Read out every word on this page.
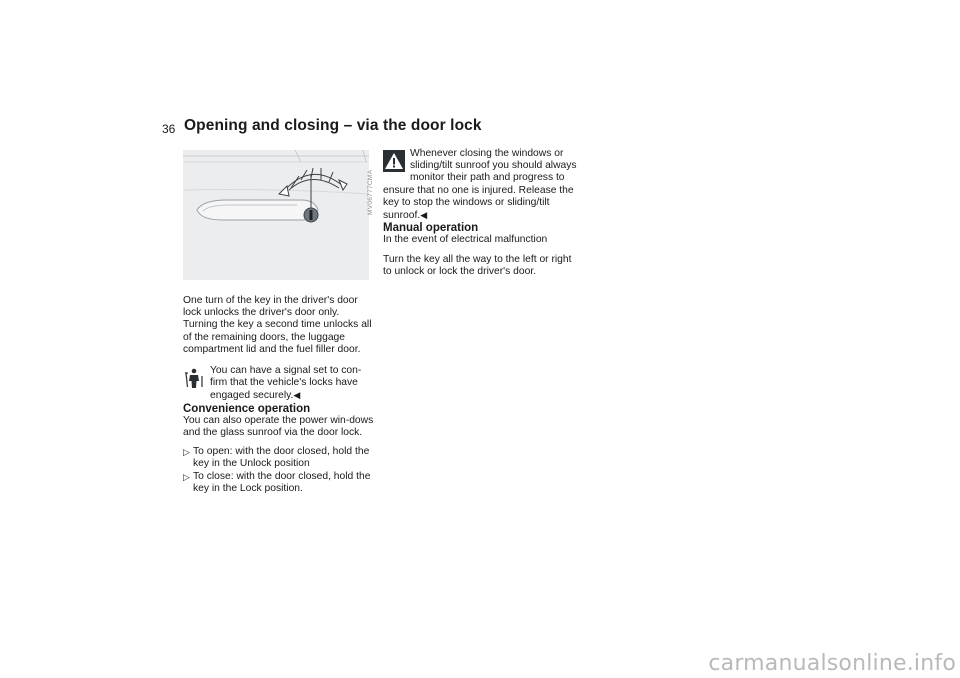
36 Opening and closing – via the door lock
MV06777CMA

One turn of the key in the driver's door lock unlocks the driver's door only. Turning the key a second time unlocks all of the remaining doors, the luggage compartment lid and the fuel filler door.

You can have a signal set to con-firm that the vehicle's locks have engaged securely.◀

Convenience operation

You can also operate the power win-dows and the glass sunroof via the door lock.

▷ To open: with the door closed, hold the key in the Unlock position

▷ To close: with the door closed, hold the key in the Lock position.

Whenever closing the windows or sliding/tilt sunroof you should always monitor their path and progress to ensure that no one is injured. Release the key to stop the windows or sliding/tilt sunroof.◀

Manual operation

In the event of electrical malfunction

Turn the key all the way to the left or right to unlock or lock the driver's door.

carmanualsonline.info
